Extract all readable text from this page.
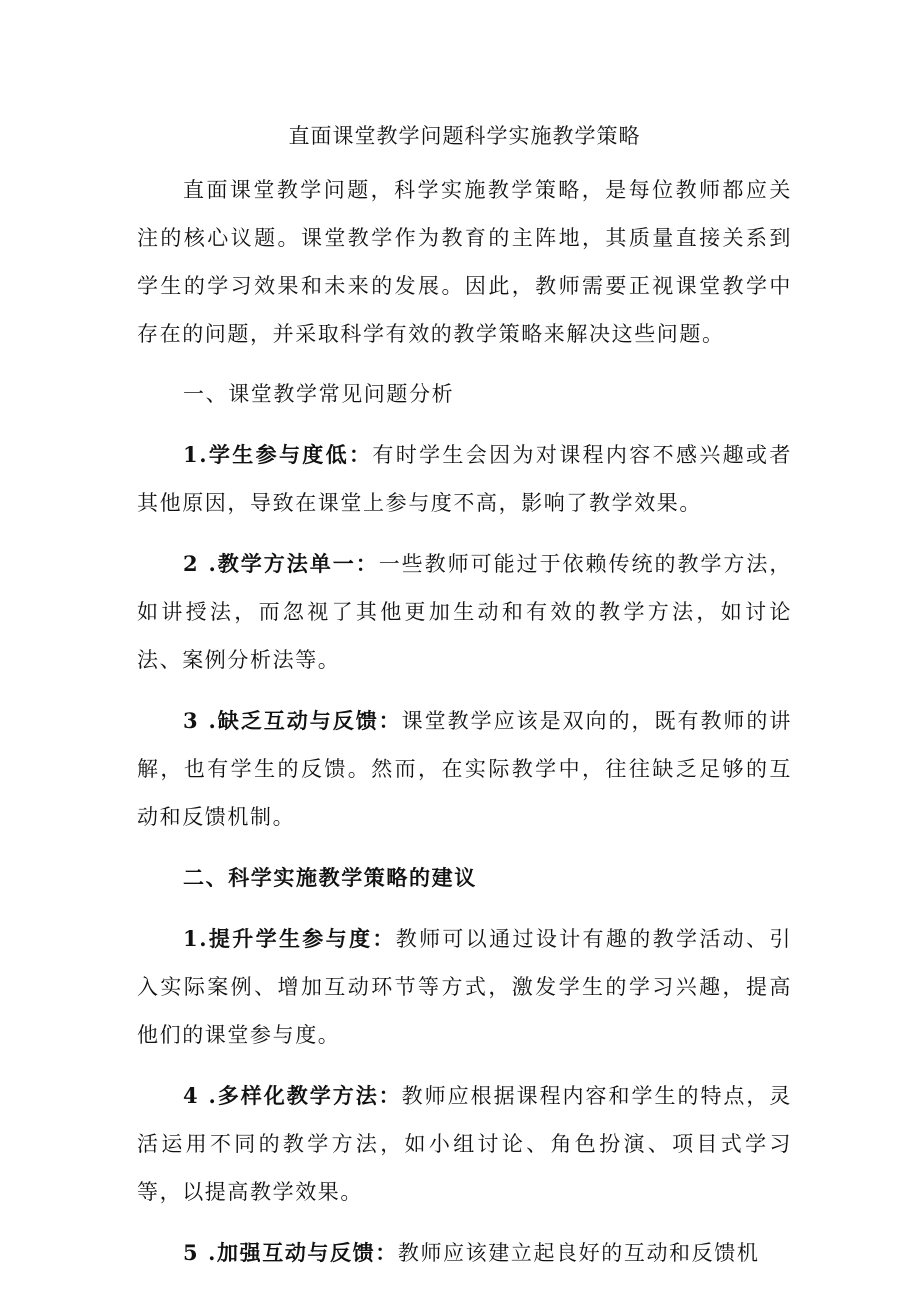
直面课堂教学问题科学实施教学策略

直面课堂教学问题，科学实施教学策略，是每位教师都应关注的核心议题。课堂教学作为教育的主阵地，其质量直接关系到学生的学习效果和未来的发展。因此，教师需要正视课堂教学中存在的问题，并采取科学有效的教学策略来解决这些问题。

一、课堂教学常见问题分析

1.学生参与度低：有时学生会因为对课程内容不感兴趣或者其他原因，导致在课堂上参与度不高，影响了教学效果。

2 .教学方法单一：一些教师可能过于依赖传统的教学方法，如讲授法，而忽视了其他更加生动和有效的教学方法，如讨论法、案例分析法等。

3 .缺乏互动与反馈：课堂教学应该是双向的，既有教师的讲解，也有学生的反馈。然而，在实际教学中，往往缺乏足够的互动和反馈机制。

二、科学实施教学策略的建议

1.提升学生参与度：教师可以通过设计有趣的教学活动、引入实际案例、增加互动环节等方式，激发学生的学习兴趣，提高他们的课堂参与度。

4 .多样化教学方法：教师应根据课程内容和学生的特点，灵活运用不同的教学方法，如小组讨论、角色扮演、项目式学习等，以提高教学效果。

5 .加强互动与反馈：教师应该建立起良好的互动和反馈机
